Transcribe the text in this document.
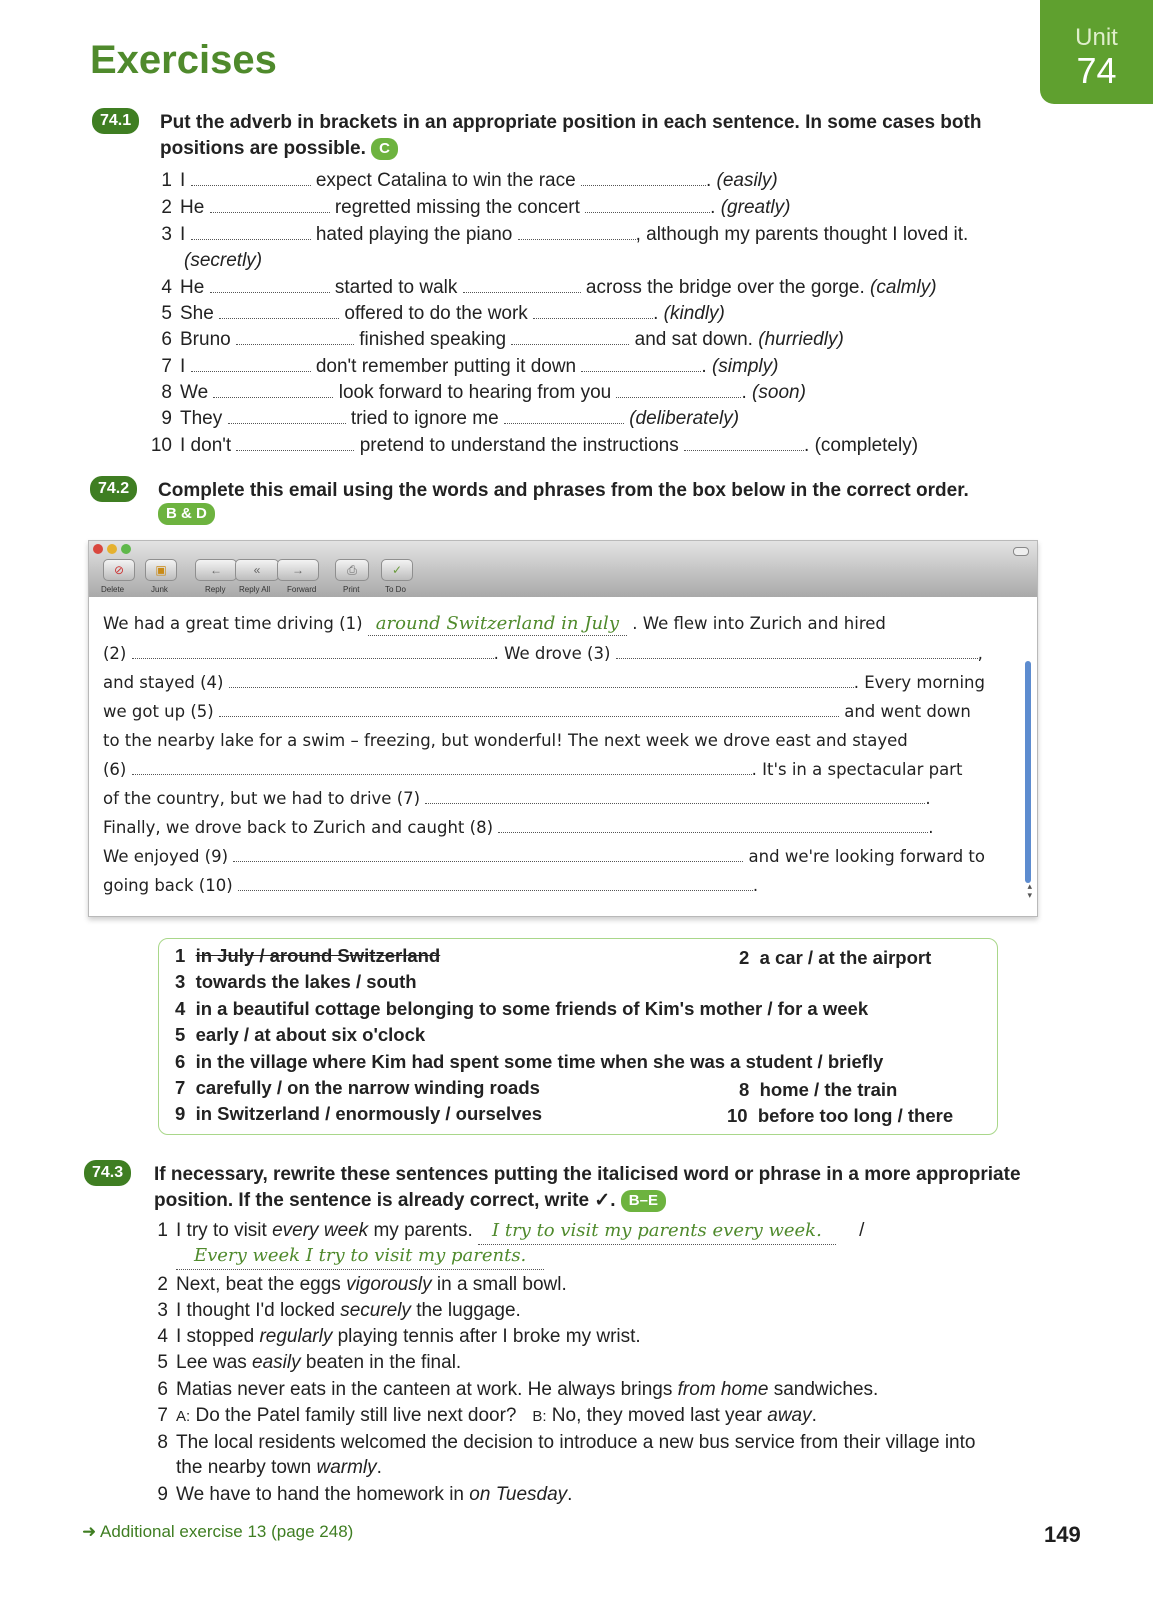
Exercises
Unit
74
74.1	Put the adverb in brackets in an appropriate position in each sentence. In some cases both
positions are possible. C
1 I	expect Catalina to win the race	. (easily)
2 He	regretted missing the concert	. (greatly)
3 I	hated playing the piano	, although my parents thought I loved it.
(secretly)
4 He	started to walk	across the bridge over the gorge. (calmly)
5 She	offered to do the work	. (kindly)
6 Bruno	finished speaking	and sat down. (hurriedly)
7 I	don't remember putting it down	. (simply)
8 We	look forward to hearing from you	. (soon)
9 They	tried to ignore me	(deliberately)
10 I don't	pretend to understand the instructions	. (completely)
74.2	Complete this email using the words and phrases from the box below in the correct order.
B & D
⊘	▣	←	«	→	⎙	✓
Delete	Junk	Reply Reply All Forward	Print	To Do
▴
▾
We had a great time driving (1) around Switzerland in July . We flew into Zurich and hired
(2)	. We drove (3)	,
and stayed (4)	. Every morning
we got up (5)	and went down
to the nearby lake for a swim – freezing, but wonderful! The next week we drove east and stayed
(6)	. It's in a spectacular part
of the country, but we had to drive (7)	.
Finally, we drove back to Zurich and caught (8)	.
We enjoyed (9)	and we're looking forward to
going back (10)	.
1 in July / around Switzerland	2 a car / at the airport
3 towards the lakes / south
4 in a beautiful cottage belonging to some friends of Kim's mother / for a week
5 early / at about six o'clock
6 in the village where Kim had spent some time when she was a student / briefly
7 carefully / on the narrow winding roads	8 home / the train
9 in Switzerland / enormously / ourselves	10 before too long / there
74.3	If necessary, rewrite these sentences putting the italicised word or phrase in a more appropriate
position. If the sentence is already correct, write ✓. B–E
1 I try to visit every week my parents. I try to visit my parents every week. /
Every week I try to visit my parents.
2 Next, beat the eggs vigorously in a small bowl.
3 I thought I'd locked securely the luggage.
4 I stopped regularly playing tennis after I broke my wrist.
5 Lee was easily beaten in the final.
6 Matias never eats in the canteen at work. He always brings from home sandwiches.
7 A: Do the Patel family still live next door? B: No, they moved last year away.
8 The local residents welcomed the decision to introduce a new bus service from their village into
the nearby town warmly.
9 We have to hand the homework in on Tuesday.
➜ Additional exercise 13 (page 248)	149
